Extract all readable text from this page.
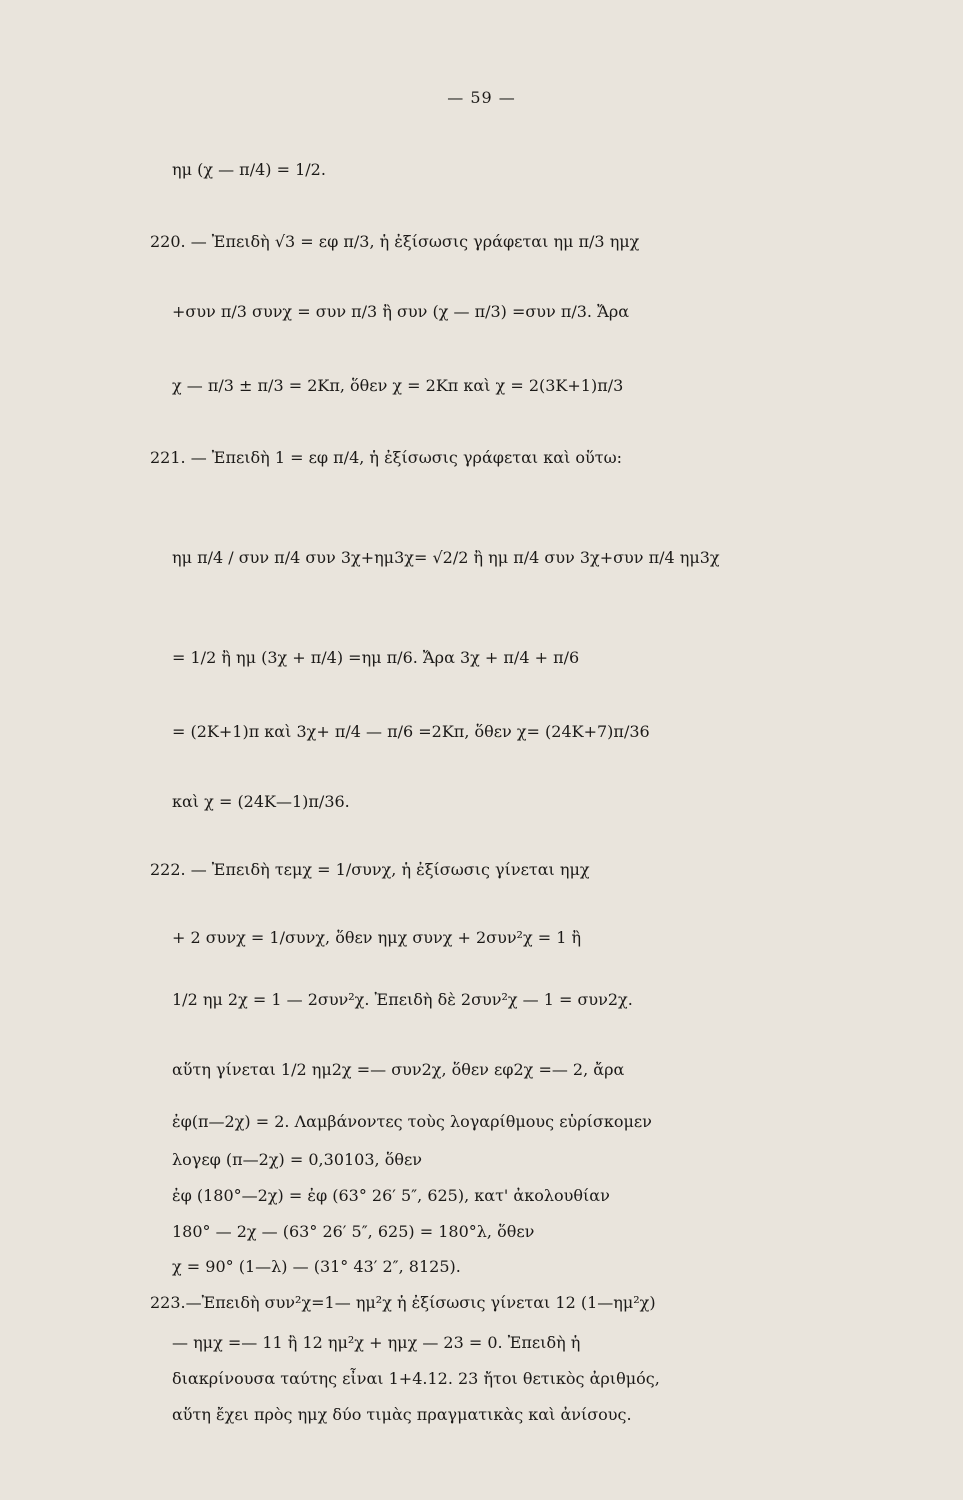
— 59 —
ημ (χ — π/4) = 1/2.
220. — Ἐπειδὴ √3 = εφ π/3, ἡ ἐξίσωσις γράφεται ημ π/3 ημχ
+συν π/3 συνχ = συν π/3 ἢ συν (χ — π/3) =συν π/3. Ἄρα
χ — π/3 ± π/3 = 2Κπ, ὅθεν χ = 2Κπ καὶ χ = 2(3Κ+1)π/3
221. — Ἐπειδὴ 1 = εφ π/4, ἡ ἐξίσωσις γράφεται καὶ οὕτω:
ημ π/4 / συν π/4 συν 3χ+ημ3χ= √2/2 ἢ ημ π/4 συν 3χ+συν π/4 ημ3χ
= 1/2 ἢ ημ (3χ + π/4) =ημ π/6. Ἄρα 3χ + π/4 + π/6
= (2Κ+1)π καὶ 3χ+ π/4 — π/6 =2Κπ, ὅθεν χ= (24Κ+7)π/36
καὶ χ = (24Κ—1)π/36.
222. — Ἐπειδὴ τεμχ = 1/συνχ, ἡ ἐξίσωσις γίνεται ημχ
+ 2 συνχ = 1/συνχ, ὅθεν ημχ συνχ + 2συν²χ = 1 ἢ
1/2 ημ 2χ = 1 — 2συν²χ. Ἐπειδὴ δὲ 2συν²χ — 1 = συν2χ.
αὕτη γίνεται 1/2 ημ2χ =— συν2χ, ὅθεν εφ2χ =— 2, ἄρα
ἐφ(π—2χ) = 2. Λαμβάνοντες τοὺς λογαρίθμους εὑρίσκομεν
λογεφ (π—2χ) = 0,30103, ὅθεν
ἐφ (180°—2χ) = ἐφ (63° 26′ 5″, 625), κατ' ἀκολουθίαν
180° — 2χ — (63° 26′ 5″, 625) = 180°λ, ὅθεν
χ = 90° (1—λ) — (31° 43′ 2″, 8125).
223.—Ἐπειδὴ συν²χ=1— ημ²χ ἡ ἐξίσωσις γίνεται 12 (1—ημ²χ)
— ημχ =— 11 ἢ 12 ημ²χ + ημχ — 23 = 0. Ἐπειδὴ ἡ
διακρίνουσα ταύτης εἶναι 1+4.12. 23 ἤτοι θετικὸς ἀριθμός,
αὕτη ἔχει πρὸς ημχ δύο τιμὰς πραγματικὰς καὶ ἀνίσους.
